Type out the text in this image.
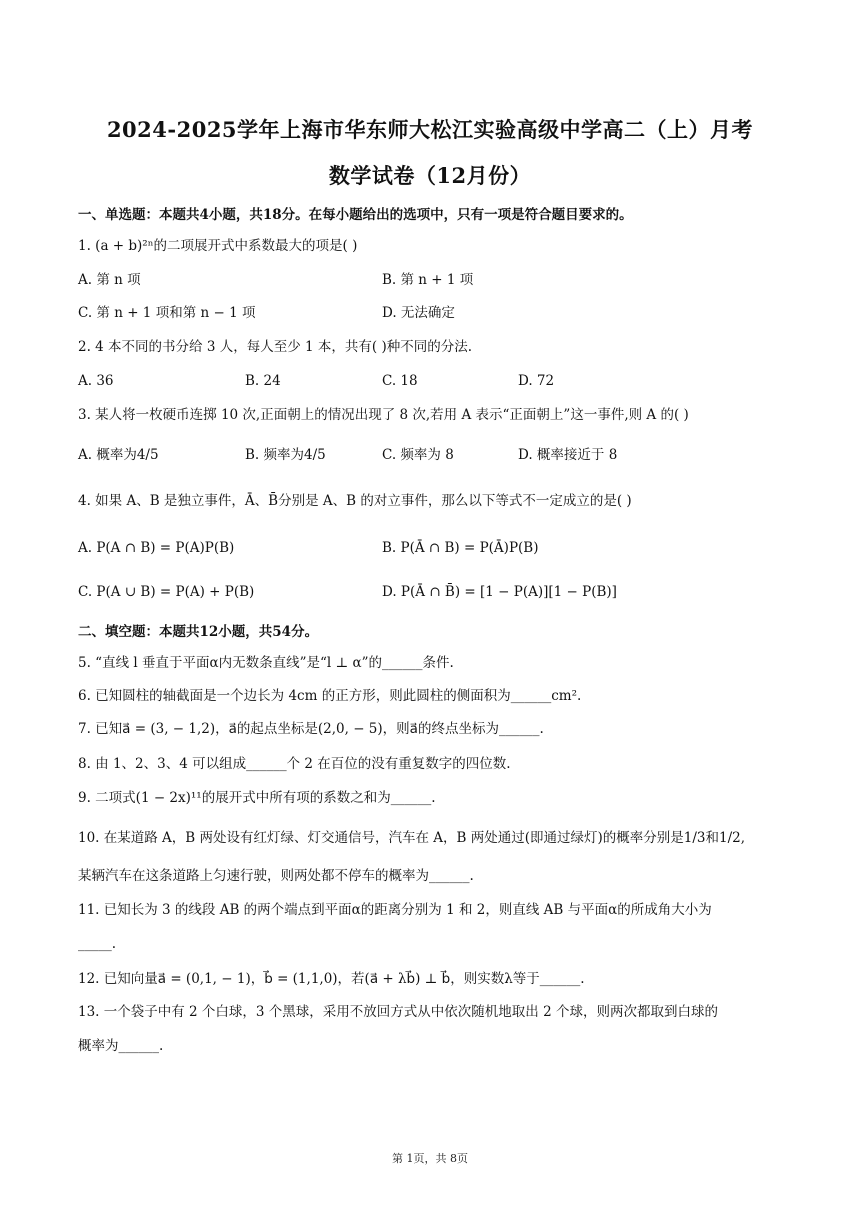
2024-2025学年上海市华东师大松江实验高级中学高二（上）月考
数学试卷（12月份）
一、单选题：本题共4小题，共18分。在每小题给出的选项中，只有一项是符合题目要求的。
1. (a + b)²ⁿ的二项展开式中系数最大的项是( )
A. 第 n 项	B. 第 n + 1 项
C. 第 n + 1 项和第 n − 1 项	D. 无法确定
2. 4 本不同的书分给 3 人，每人至少 1 本，共有( )种不同的分法.
A. 36	B. 24	C. 18	D. 72
3. 某人将一枚硬币连掷 10 次,正面朝上的情况出现了 8 次,若用 A 表示“正面朝上”这一事件,则 A 的( )
A. 概率为4/5	B. 频率为4/5	C. 频率为 8	D. 概率接近于 8
4. 如果 A、B 是独立事件，Ā、B̄分别是 A、B 的对立事件，那么以下等式不一定成立的是( )
A. P(A ∩ B) = P(A)P(B)	B. P(Ā ∩ B) = P(Ā)P(B)
C. P(A ∪ B) = P(A) + P(B)	D. P(Ā ∩ B̄) = [1 − P(A)][1 − P(B)]
二、填空题：本题共12小题，共54分。
5. “直线 l 垂直于平面α内无数条直线”是“l ⊥ α”的______条件.
6. 已知圆柱的轴截面是一个边长为 4cm 的正方形，则此圆柱的侧面积为______cm².
7. 已知a⃗ = (3, − 1,2)，a⃗的起点坐标是(2,0, − 5)，则a⃗的终点坐标为______.
8. 由 1、2、3、4 可以组成______个 2 在百位的没有重复数字的四位数.
9. 二项式(1 − 2x)¹¹的展开式中所有项的系数之和为______.
10. 在某道路 A，B 两处设有红灯绿、灯交通信号，汽车在 A，B 两处通过(即通过绿灯)的概率分别是1/3和1/2,
某辆汽车在这条道路上匀速行驶，则两处都不停车的概率为______.
11. 已知长为 3 的线段 AB 的两个端点到平面α的距离分别为 1 和 2，则直线 AB 与平面α的所成角大小为
_____.
12. 已知向量a⃗ = (0,1, − 1)，b⃗ = (1,1,0)，若(a⃗ + λb⃗) ⊥ b⃗，则实数λ等于______.
13. 一个袋子中有 2 个白球，3 个黑球，采用不放回方式从中依次随机地取出 2 个球，则两次都取到白球的
概率为______.
第 1页，共 8页
